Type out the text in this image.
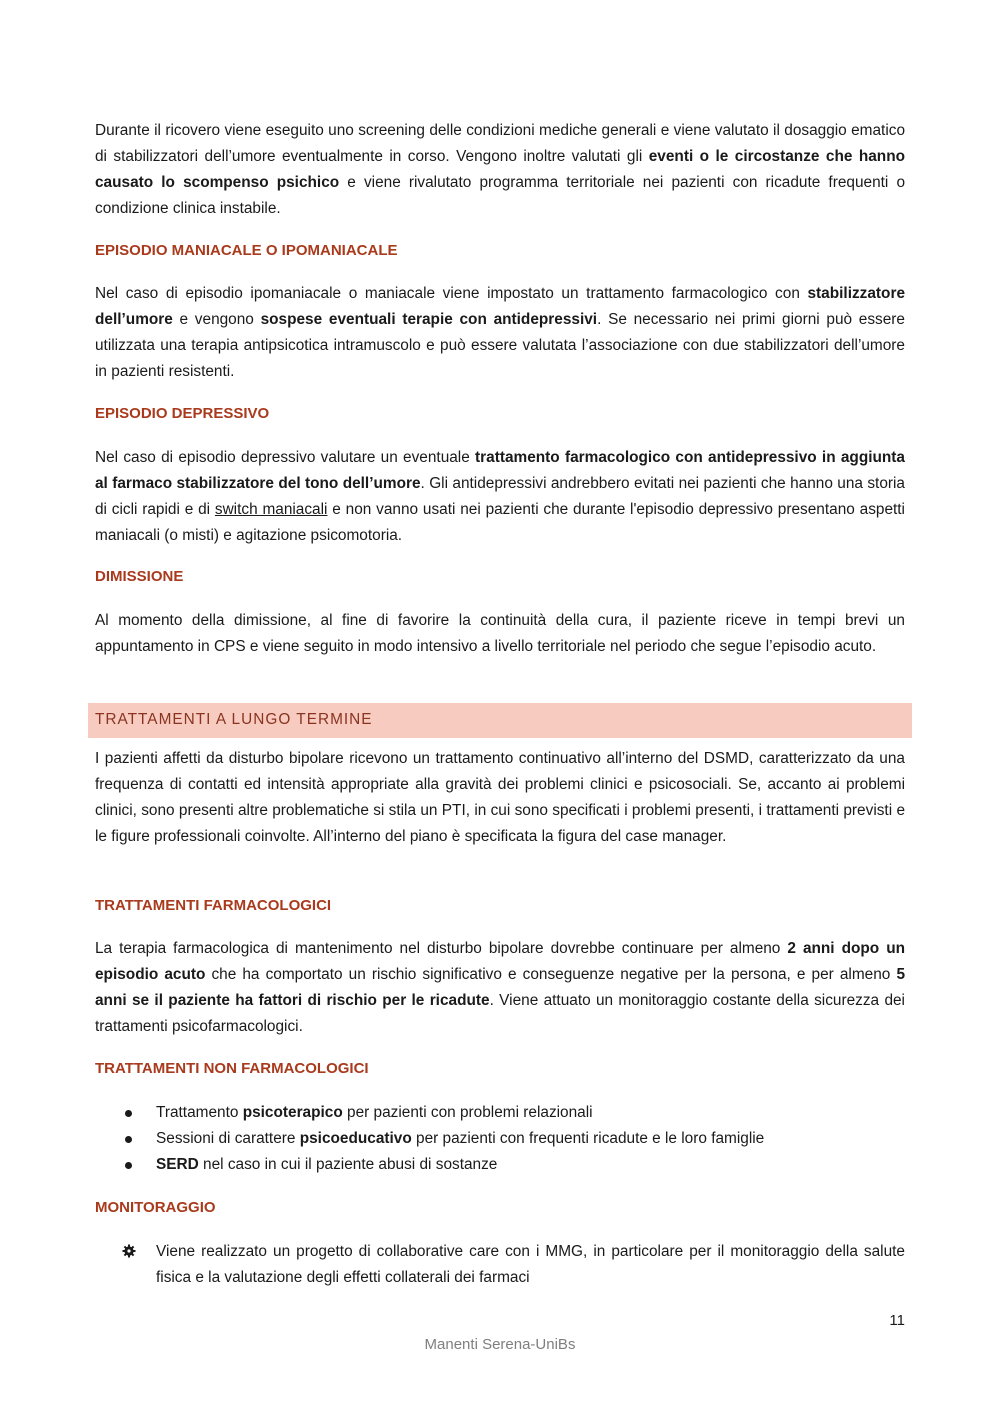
Durante il ricovero viene eseguito uno screening delle condizioni mediche generali e viene valutato il dosaggio ematico di stabilizzatori dell’umore eventualmente in corso. Vengono inoltre valutati gli eventi o le circostanze che hanno causato lo scompenso psichico e viene rivalutato programma territoriale nei pazienti con ricadute frequenti o condizione clinica instabile.

EPISODIO MANIACALE O IPOMANIACALE

Nel caso di episodio ipomaniacale o maniacale viene impostato un trattamento farmacologico con stabilizzatore dell’umore e vengono sospese eventuali terapie con antidepressivi. Se necessario nei primi giorni può essere utilizzata una terapia antipsicotica intramuscolo e può essere valutata l’associazione con due stabilizzatori dell’umore in pazienti resistenti.

EPISODIO DEPRESSIVO

Nel caso di episodio depressivo valutare un eventuale trattamento farmacologico con antidepressivo in aggiunta al farmaco stabilizzatore del tono dell’umore. Gli antidepressivi andrebbero evitati nei pazienti che hanno una storia di cicli rapidi e di switch maniacali e non vanno usati nei pazienti che durante l'episodio depressivo presentano aspetti maniacali (o misti) e agitazione psicomotoria.

DIMISSIONE

Al momento della dimissione, al fine di favorire la continuità della cura, il paziente riceve in tempi brevi un appuntamento in CPS e viene seguito in modo intensivo a livello territoriale nel periodo che segue l’episodio acuto.

TRATTAMENTI A LUNGO TERMINE

I pazienti affetti da disturbo bipolare ricevono un trattamento continuativo all’interno del DSMD, caratterizzato da una frequenza di contatti ed intensità appropriate alla gravità dei problemi clinici e psicosociali. Se, accanto ai problemi clinici, sono presenti altre problematiche si stila un PTI, in cui sono specificati i problemi presenti, i trattamenti previsti e le figure professionali coinvolte. All’interno del piano è specificata la figura del case manager.

TRATTAMENTI FARMACOLOGICI

La terapia farmacologica di mantenimento nel disturbo bipolare dovrebbe continuare per almeno 2 anni dopo un episodio acuto che ha comportato un rischio significativo e conseguenze negative per la persona, e per almeno 5 anni se il paziente ha fattori di rischio per le ricadute. Viene attuato un monitoraggio costante della sicurezza dei trattamenti psicofarmacologici.

TRATTAMENTI NON FARMACOLOGICI

Trattamento psicoterapico per pazienti con problemi relazionali
Sessioni di carattere psicoeducativo per pazienti con frequenti ricadute e le loro famiglie
SERD nel caso in cui il paziente abusi di sostanze

MONITORAGGIO

Viene realizzato un progetto di collaborative care con i MMG, in particolare per il monitoraggio della salute fisica e la valutazione degli effetti collaterali dei farmaci
11
Manenti Serena-UniBs
